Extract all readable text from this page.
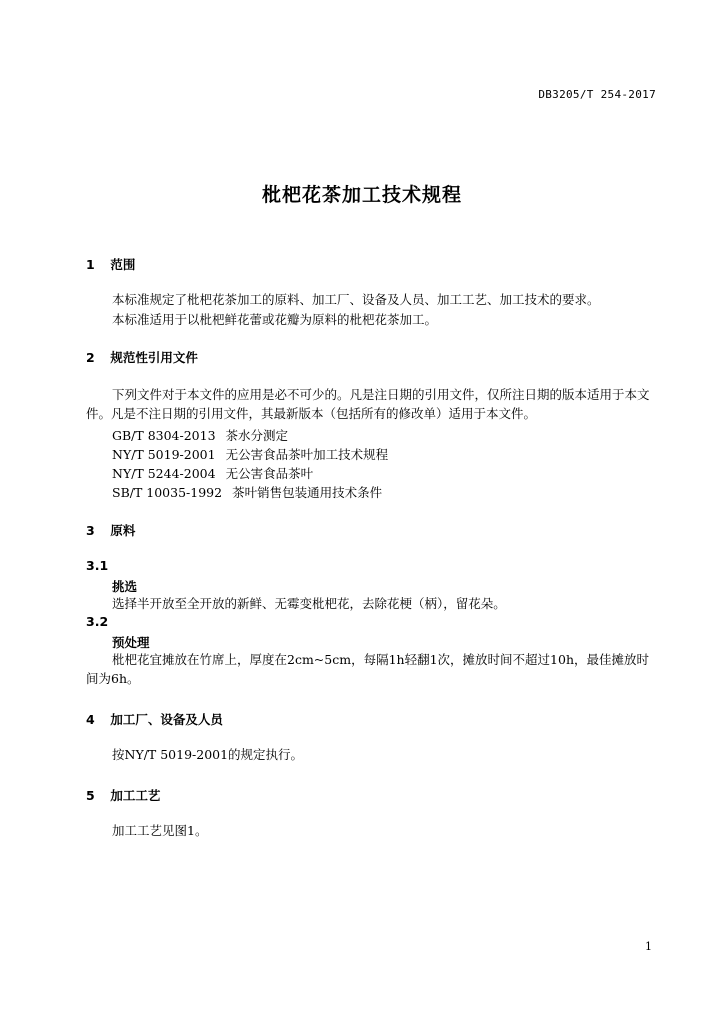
DB3205/T 254-2017
枇杷花茶加工技术规程
1 范围
本标准规定了枇杷花茶加工的原料、加工厂、设备及人员、加工工艺、加工技术的要求。
本标准适用于以枇杷鲜花蕾或花瓣为原料的枇杷花茶加工。
2 规范性引用文件
下列文件对于本文件的应用是必不可少的。凡是注日期的引用文件，仅所注日期的版本适用于本文件。凡是不注日期的引用文件，其最新版本（包括所有的修改单）适用于本文件。
GB/T 8304-2013 茶水分测定
NY/T 5019-2001 无公害食品茶叶加工技术规程
NY/T 5244-2004 无公害食品茶叶
SB/T 10035-1992 茶叶销售包装通用技术条件
3 原料
3.1
挑选
选择半开放至全开放的新鲜、无霉变枇杷花，去除花梗（柄），留花朵。
3.2
预处理
枇杷花宜摊放在竹席上，厚度在2cm~5cm，每隔1h轻翻1次，摊放时间不超过10h，最佳摊放时间为6h。
4 加工厂、设备及人员
按NY/T 5019-2001的规定执行。
5 加工工艺
加工工艺见图1。
1
